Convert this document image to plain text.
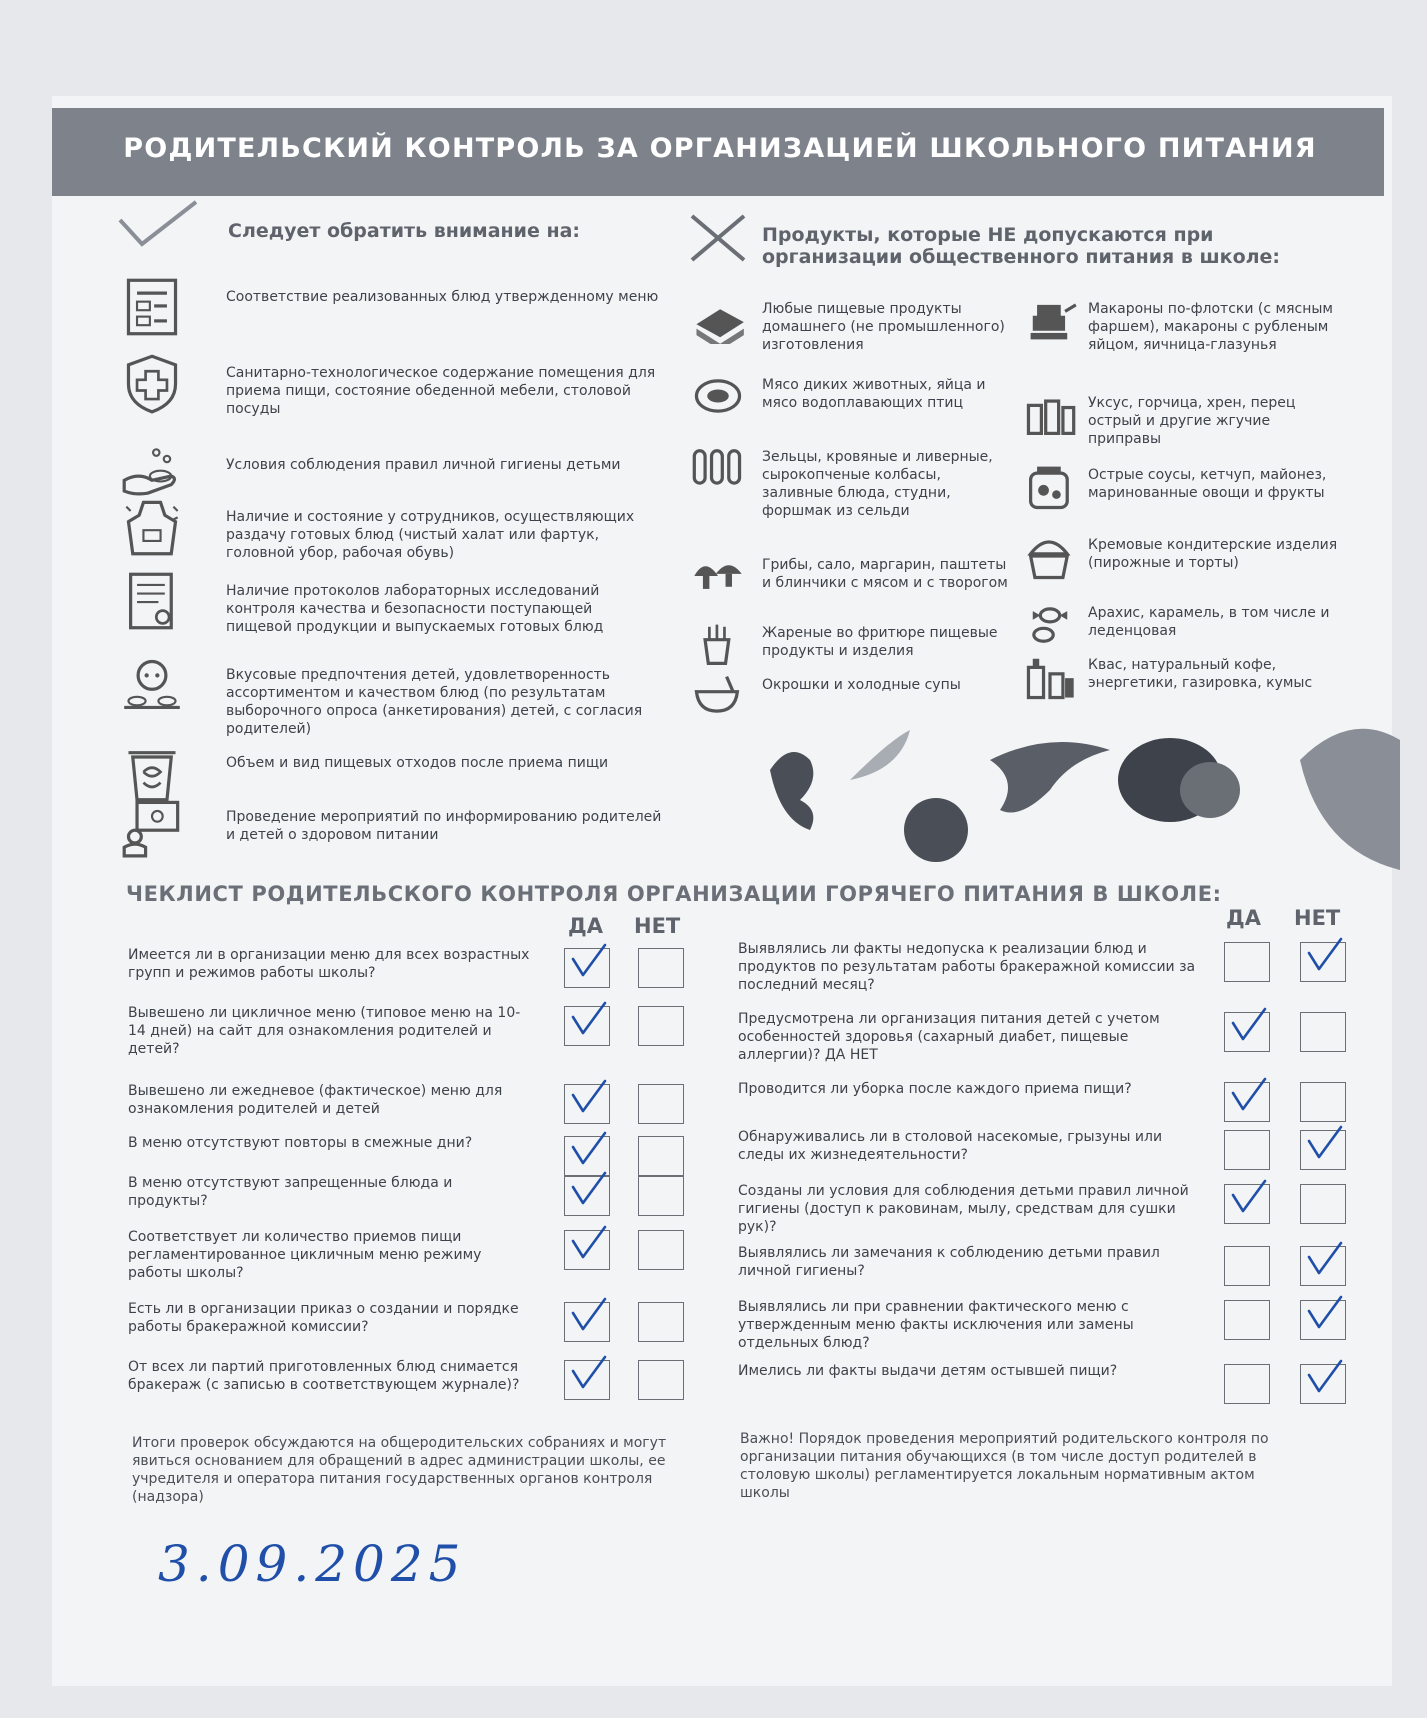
РОДИТЕЛЬСКИЙ КОНТРОЛЬ ЗА ОРГАНИЗАЦИЕЙ ШКОЛЬНОГО ПИТАНИЯ
Следует обратить внимание на:	Продукты, которые НЕ допускаются при организации общественного питания в школе:
Соответствие реализованных блюд утвержденному меню
Санитарно-технологическое содержание помещения для приема пищи, состояние обеденной мебели, столовой посуды
Условия соблюдения правил личной гигиены детьми
Наличие и состояние у сотрудников, осуществляющих раздачу готовых блюд (чистый халат или фартук, головной убор, рабочая обувь)
Наличие протоколов лабораторных исследований контроля качества и безопасности поступающей пищевой продукции и выпускаемых готовых блюд
Вкусовые предпочтения детей, удовлетворенность ассортиментом и качеством блюд (по результатам выборочного опроса (анкетирования) детей, с согласия родителей)
Объем и вид пищевых отходов после приема пищи
Проведение мероприятий по информированию родителей и детей о здоровом питании
Любые пищевые продукты домашнего (не промышленного) изготовления
Мясо диких животных, яйца и мясо водоплавающих птиц
Зельцы, кровяные и ливерные, сырокопченые колбасы, заливные блюда, студни, форшмак из сельди
Грибы, сало, маргарин, паштеты и блинчики с мясом и с творогом
Жареные во фритюре пищевые продукты и изделия
Окрошки и холодные супы
Макароны по-флотски (с мясным фаршем), макароны с рубленым яйцом, яичница-глазунья
Уксус, горчица, хрен, перец острый и другие жгучие приправы
Острые соусы, кетчуп, майонез, маринованные овощи и фрукты
Кремовые кондитерские изделия (пирожные и торты)
Арахис, карамель, в том числе и леденцовая
Квас, натуральный кофе, энергетики, газировка, кумыс
ЧЕКЛИСТ РОДИТЕЛЬСКОГО КОНТРОЛЯ ОРГАНИЗАЦИИ ГОРЯЧЕГО ПИТАНИЯ В ШКОЛЕ:
ДА НЕТ	ДА НЕТ
Имеется ли в организации меню для всех возрастных групп и режимов работы школы?
Вывешено ли цикличное меню (типовое меню на 10-14 дней) на сайт для ознакомления родителей и детей?
Вывешено ли ежедневое (фактическое) меню для ознакомления родителей и детей
В меню отсутствуют повторы в смежные дни?
В меню отсутствуют запрещенные блюда и продукты?
Соответствует ли количество приемов пищи регламентированное цикличным меню режиму работы школы?
Есть ли в организации приказ о создании и порядке работы бракеражной комиссии?
От всех ли партий приготовленных блюд снимается бракераж (с записью в соответствующем журнале)?
Выявлялись ли факты недопуска к реализации блюд и продуктов по результатам работы бракеражной комиссии за последний месяц?
Предусмотрена ли организация питания детей с учетом особенностей здоровья (сахарный диабет, пищевые аллергии)? ДА НЕТ
Проводится ли уборка после каждого приема пищи?
Обнаруживались ли в столовой насекомые, грызуны или следы их жизнедеятельности?
Созданы ли условия для соблюдения детьми правил личной гигиены (доступ к раковинам, мылу, средствам для сушки рук)?
Выявлялись ли замечания к соблюдению детьми правил личной гигиены?
Выявлялись ли при сравнении фактического меню с утвержденным меню факты исключения или замены отдельных блюд?
Имелись ли факты выдачи детям остывшей пищи?
Итоги проверок обсуждаются на общеродительских собраниях и могут явиться основанием для обращений в адрес администрации школы, ее учредителя и оператора питания государственных органов контроля (надзора)
Важно! Порядок проведения мероприятий родительского контроля по организации питания обучающихся (в том числе доступ родителей в столовую школы) регламентируется локальным нормативным актом школы
3.09.2025
